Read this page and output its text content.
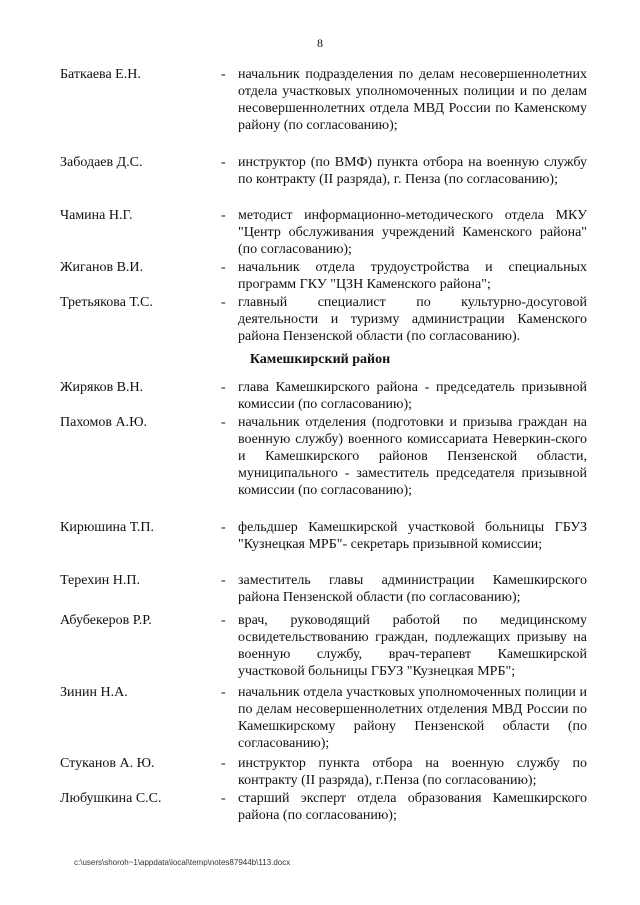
8
Баткаева Е.Н.	- начальник подразделения по делам несовершеннолетних отдела участковых уполномоченных полиции и по делам несовершеннолетних отдела МВД России по Каменскому району (по согласованию);
Забодаев Д.С.	- инструктор (по ВМФ) пункта отбора на военную службу по контракту (II разряда), г. Пенза (по согласованию);
Чамина Н.Г.	- методист информационно-методического отдела МКУ "Центр обслуживания учреждений Каменского района" (по согласованию);
Жиганов В.И.	- начальник отдела трудоустройства и специальных программ ГКУ "ЦЗН Каменского района";
Третьякова Т.С.	- главный специалист по культурно-досуговой деятельности и туризму администрации Каменского района Пензенской области (по согласованию).
Камешкирский район
Жиряков В.Н.	- глава Камешкирского района - председатель призывной комиссии (по согласованию);
Пахомов А.Ю.	- начальник отделения (подготовки и призыва граждан на военную службу) военного комиссариата Неверкин-ского и Камешкирского районов Пензенской области, муниципального - заместитель председателя призывной комиссии (по согласованию);
Кирюшина Т.П.	- фельдшер Камешкирской участковой больницы ГБУЗ "Кузнецкая МРБ"- секретарь призывной комиссии;
Терехин Н.П.	- заместитель главы администрации Камешкирского района Пензенской области (по согласованию);
Абубекеров Р.Р.	- врач, руководящий работой по медицинскому освидетельствованию граждан, подлежащих призыву на военную службу, врач-терапевт Камешкирской участковой больницы ГБУЗ "Кузнецкая МРБ";
Зинин Н.А.	- начальник отдела участковых уполномоченных полиции и по делам несовершеннолетних отделения МВД России по Камешкирскому району Пензенской области (по согласованию);
Стуканов А. Ю.	- инструктор пункта отбора на военную службу по контракту (II разряда), г.Пенза (по согласованию);
Любушкина С.С.	- старший эксперт отдела образования Камешкирского района (по согласованию);
c:\users\shoroh~1\appdata\local\temp\notes87944b\113.docx
